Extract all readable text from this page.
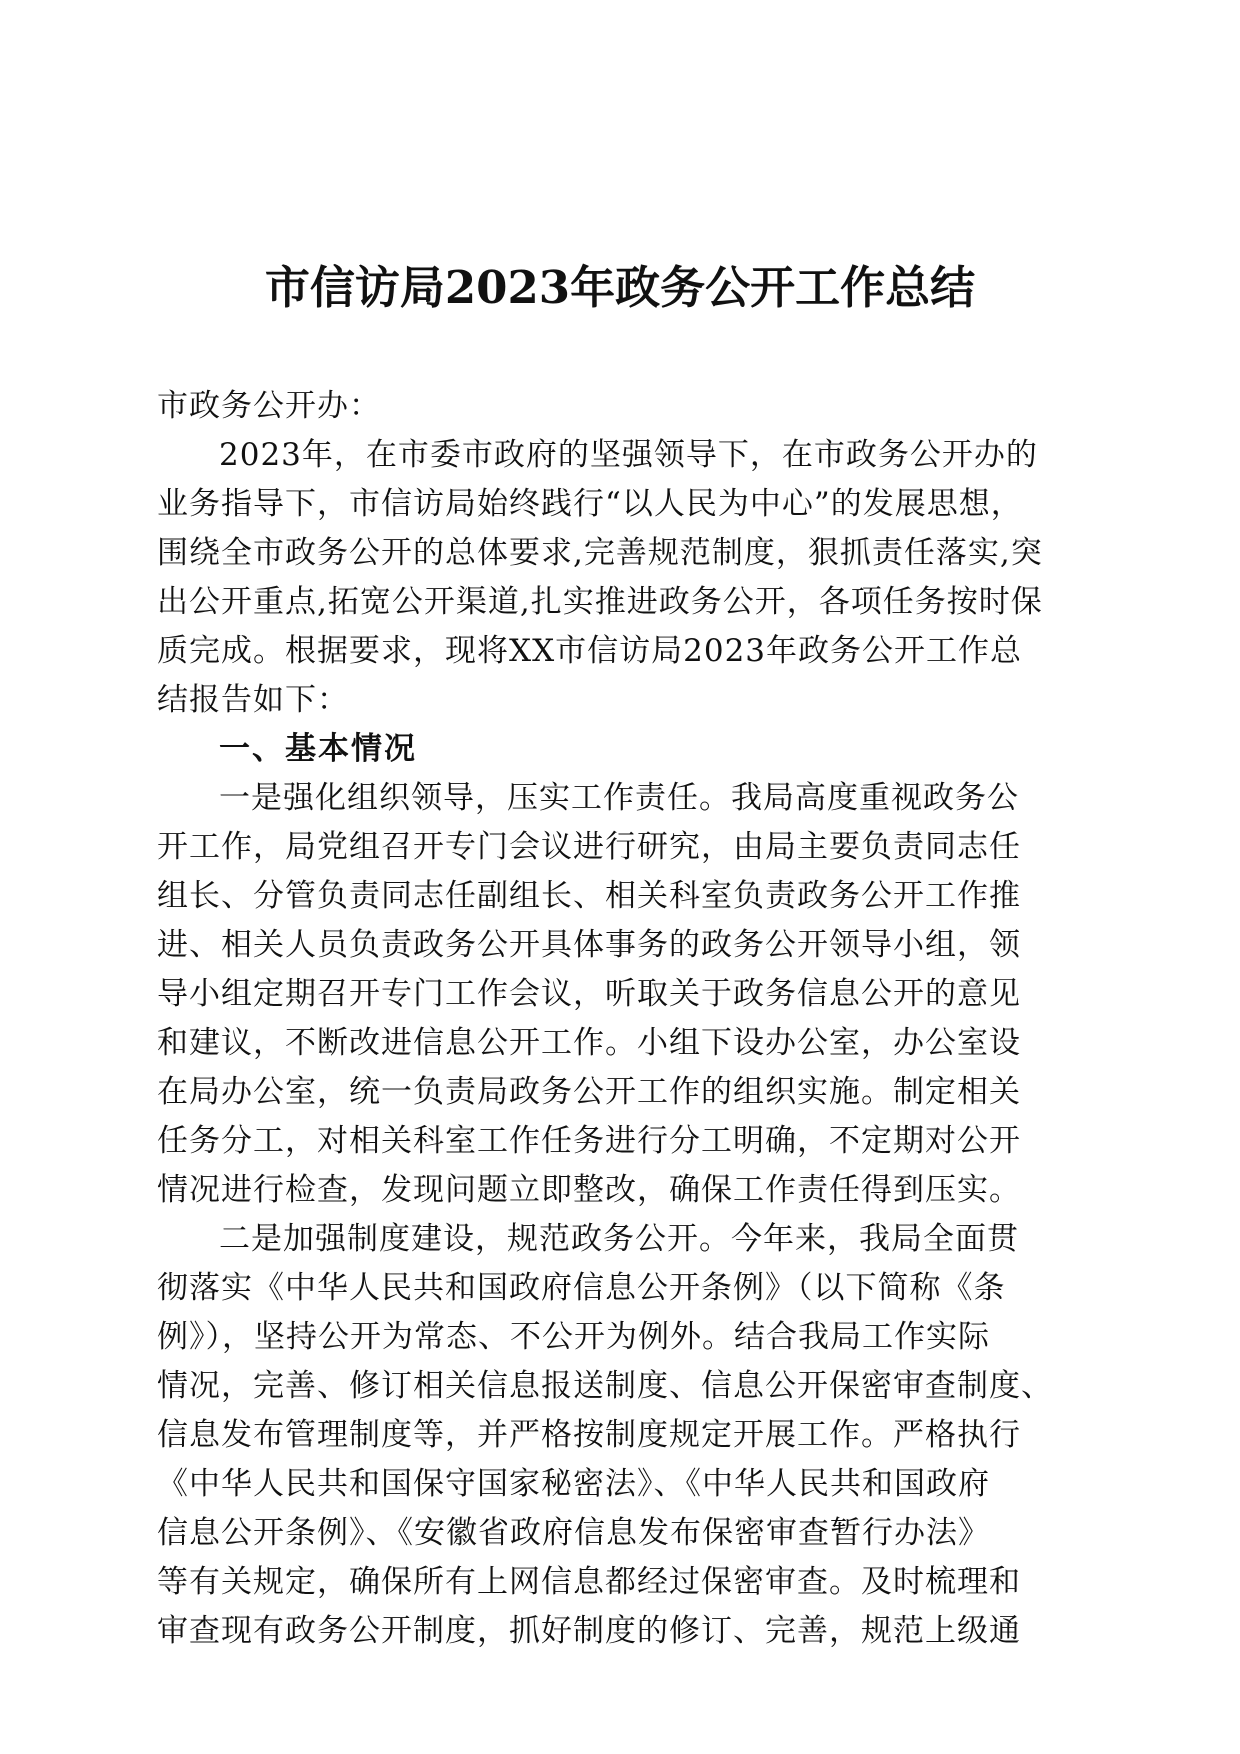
市信访局2023年政务公开工作总结
市政务公开办：
2023年，在市委市政府的坚强领导下，在市政务公开办的
业务指导下，市信访局始终践行“以人民为中心”的发展思想，
围绕全市政务公开的总体要求,完善规范制度，狠抓责任落实,突
出公开重点,拓宽公开渠道,扎实推进政务公开，各项任务按时保
质完成。根据要求，现将XX市信访局2023年政务公开工作总
结报告如下：
一、基本情况
一是强化组织领导，压实工作责任。我局高度重视政务公
开工作，局党组召开专门会议进行研究，由局主要负责同志任
组长、分管负责同志任副组长、相关科室负责政务公开工作推
进、相关人员负责政务公开具体事务的政务公开领导小组，领
导小组定期召开专门工作会议，听取关于政务信息公开的意见
和建议，不断改进信息公开工作。小组下设办公室，办公室设
在局办公室，统一负责局政务公开工作的组织实施。制定相关
任务分工，对相关科室工作任务进行分工明确，不定期对公开
情况进行检查，发现问题立即整改，确保工作责任得到压实。
二是加强制度建设，规范政务公开。今年来，我局全面贯
彻落实《中华人民共和国政府信息公开条例》（以下简称《条
例》），坚持公开为常态、不公开为例外。结合我局工作实际
情况，完善、修订相关信息报送制度、信息公开保密审查制度、
信息发布管理制度等，并严格按制度规定开展工作。严格执行
《中华人民共和国保守国家秘密法》、《中华人民共和国政府
信息公开条例》、《安徽省政府信息发布保密审查暂行办法》
等有关规定，确保所有上网信息都经过保密审查。及时梳理和
审查现有政务公开制度，抓好制度的修订、完善，规范上级通
